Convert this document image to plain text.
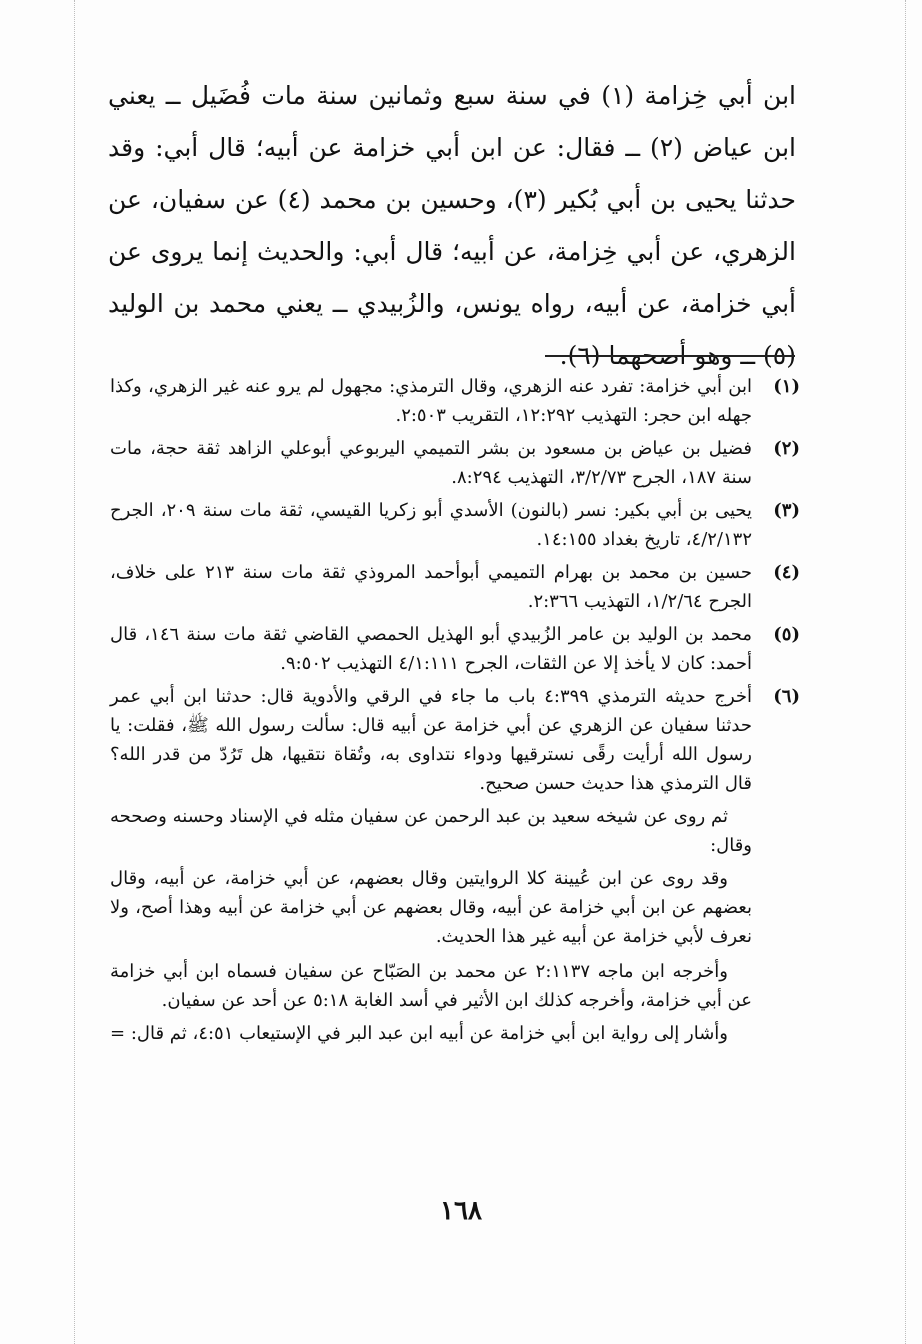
ابن أبي خِزامة (١) في سنة سبع وثمانين سنة مات فُضَيل ــ يعني ابن عياض (٢) ــ فقال: عن ابن أبي خزامة عن أبيه؛ قال أبي: وقد حدثنا يحيى بن أبي بُكير (٣)، وحسين بن محمد (٤) عن سفيان، عن الزهري، عن أبي خِزامة، عن أبيه؛ قال أبي: والحديث إنما يروى عن أبي خزامة، عن أبيه، رواه يونس، والزُبيدي ــ يعني محمد بن الوليد (٥) ــ وهو أصحهما (٦).

(١)
ابن أبي خزامة: تفرد عنه الزهري، وقال الترمذي: مجهول لم يرو عنه غير الزهري، وكذا جهله ابن حجر: التهذيب ١٢:٢٩٢، التقريب ٢:٥٠٣.
(٢)
فضيل بن عياض بن مسعود بن بشر التميمي اليربوعي أبوعلي الزاهد ثقة حجة، مات سنة ١٨٧، الجرح ٣/٢/٧٣، التهذيب ٨:٢٩٤.
(٣)
يحيى بن أبي بكير: نسر (بالنون) الأسدي أبو زكريا القيسي، ثقة مات سنة ٢٠٩، الجرح ٤/٢/١٣٢، تاريخ بغداد ١٤:١٥٥.
(٤)
حسين بن محمد بن بهرام التميمي أبوأحمد المروذي ثقة مات سنة ٢١٣ على خلاف، الجرح ١/٢/٦٤، التهذيب ٢:٣٦٦.
(٥)
محمد بن الوليد بن عامر الزُبيدي أبو الهذيل الحمصي القاضي ثقة مات سنة ١٤٦، قال أحمد: كان لا يأخذ إلا عن الثقات، الجرح ٤/١:١١١ التهذيب ٩:٥٠٢.
(٦)
أخرج حديثه الترمذي ٤:٣٩٩ باب ما جاء في الرقي والأدوية قال: حدثنا ابن أبي عمر حدثنا سفيان عن الزهري عن أبي خزامة عن أبيه قال: سألت رسول الله ﷺ، فقلت: يا رسول الله أرأيت رقًى نسترقيها ودواء نتداوى به، وتُقاة نتقيها، هل تَرُدّ من قدر الله؟ قال الترمذي هذا حديث حسن صحيح.
ثم روى عن شيخه سعيد بن عبد الرحمن عن سفيان مثله في الإسناد وحسنه وصححه وقال:
وقد روى عن ابن عُيينة كلا الروايتين وقال بعضهم، عن أبي خزامة، عن أبيه، وقال بعضهم عن ابن أبي خزامة عن أبيه، وقال بعضهم عن أبي خزامة عن أبيه وهذا أصح، ولا نعرف لأبي خزامة عن أبيه غير هذا الحديث.
وأخرجه ابن ماجه ٢:١١٣٧ عن محمد بن الصَبّاح عن سفيان فسماه ابن أبي خزامة عن أبي خزامة، وأخرجه كذلك ابن الأثير في أسد الغابة ٥:١٨ عن أحد عن سفيان.
وأشار إلى رواية ابن أبي خزامة عن أبيه ابن عبد البر في الإستيعاب ٤:٥١، ثم قال: =
١٦٨
